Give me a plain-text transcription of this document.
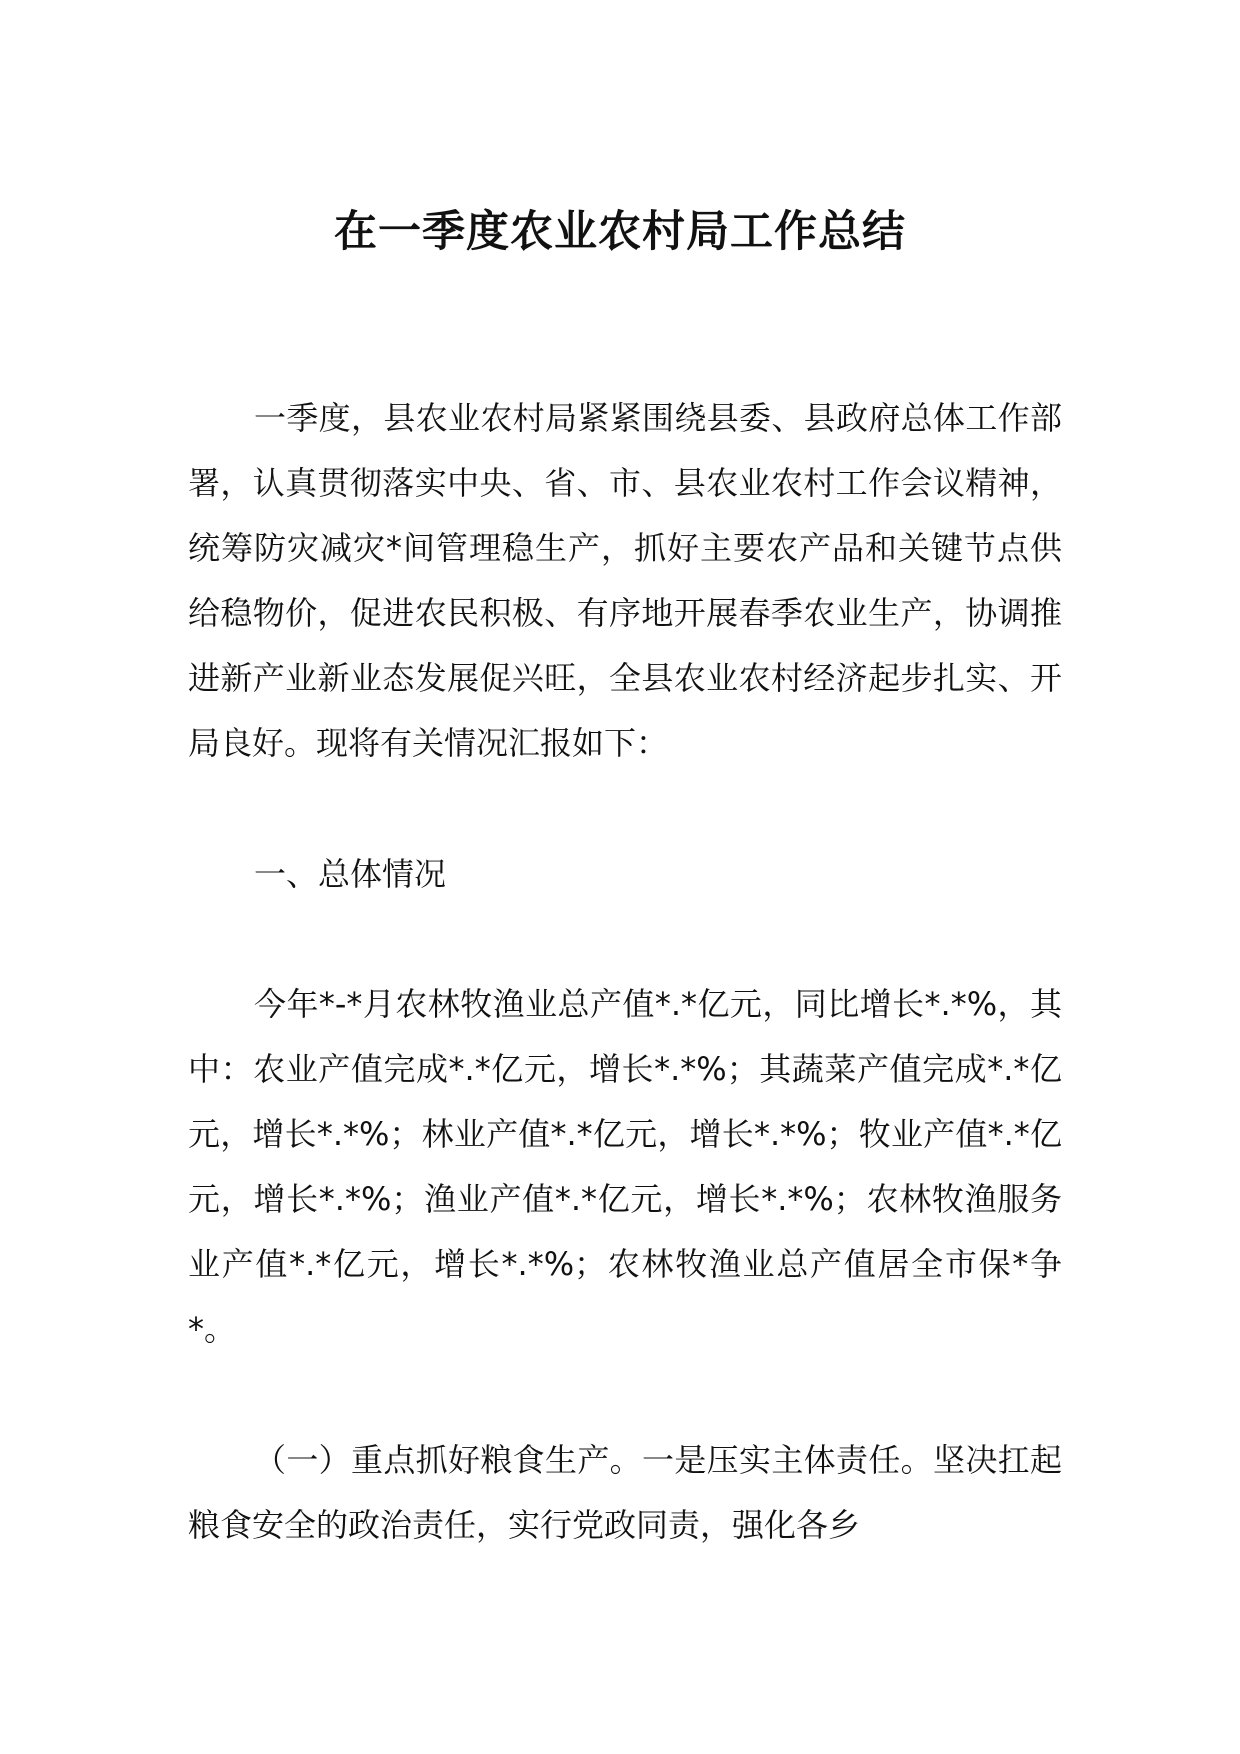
在一季度农业农村局工作总结

一季度，县农业农村局紧紧围绕县委、县政府总体工作部署，认真贯彻落实中央、省、市、县农业农村工作会议精神，统筹防灾减灾*间管理稳生产，抓好主要农产品和关键节点供给稳物价，促进农民积极、有序地开展春季农业生产，协调推进新产业新业态发展促兴旺，全县农业农村经济起步扎实、开局良好。现将有关情况汇报如下：

一、总体情况

今年*-*月农林牧渔业总产值*.*亿元，同比增长*.*%，其中：农业产值完成*.*亿元，增长*.*%；其蔬菜产值完成*.*亿元，增长*.*%；林业产值*.*亿元，增长*.*%；牧业产值*.*亿元，增长*.*%；渔业产值*.*亿元，增长*.*%；农林牧渔服务业产值*.*亿元，增长*.*%；农林牧渔业总产值居全市保*争*。

（一）重点抓好粮食生产。一是压实主体责任。坚决扛起粮食安全的政治责任，实行党政同责，强化各乡
